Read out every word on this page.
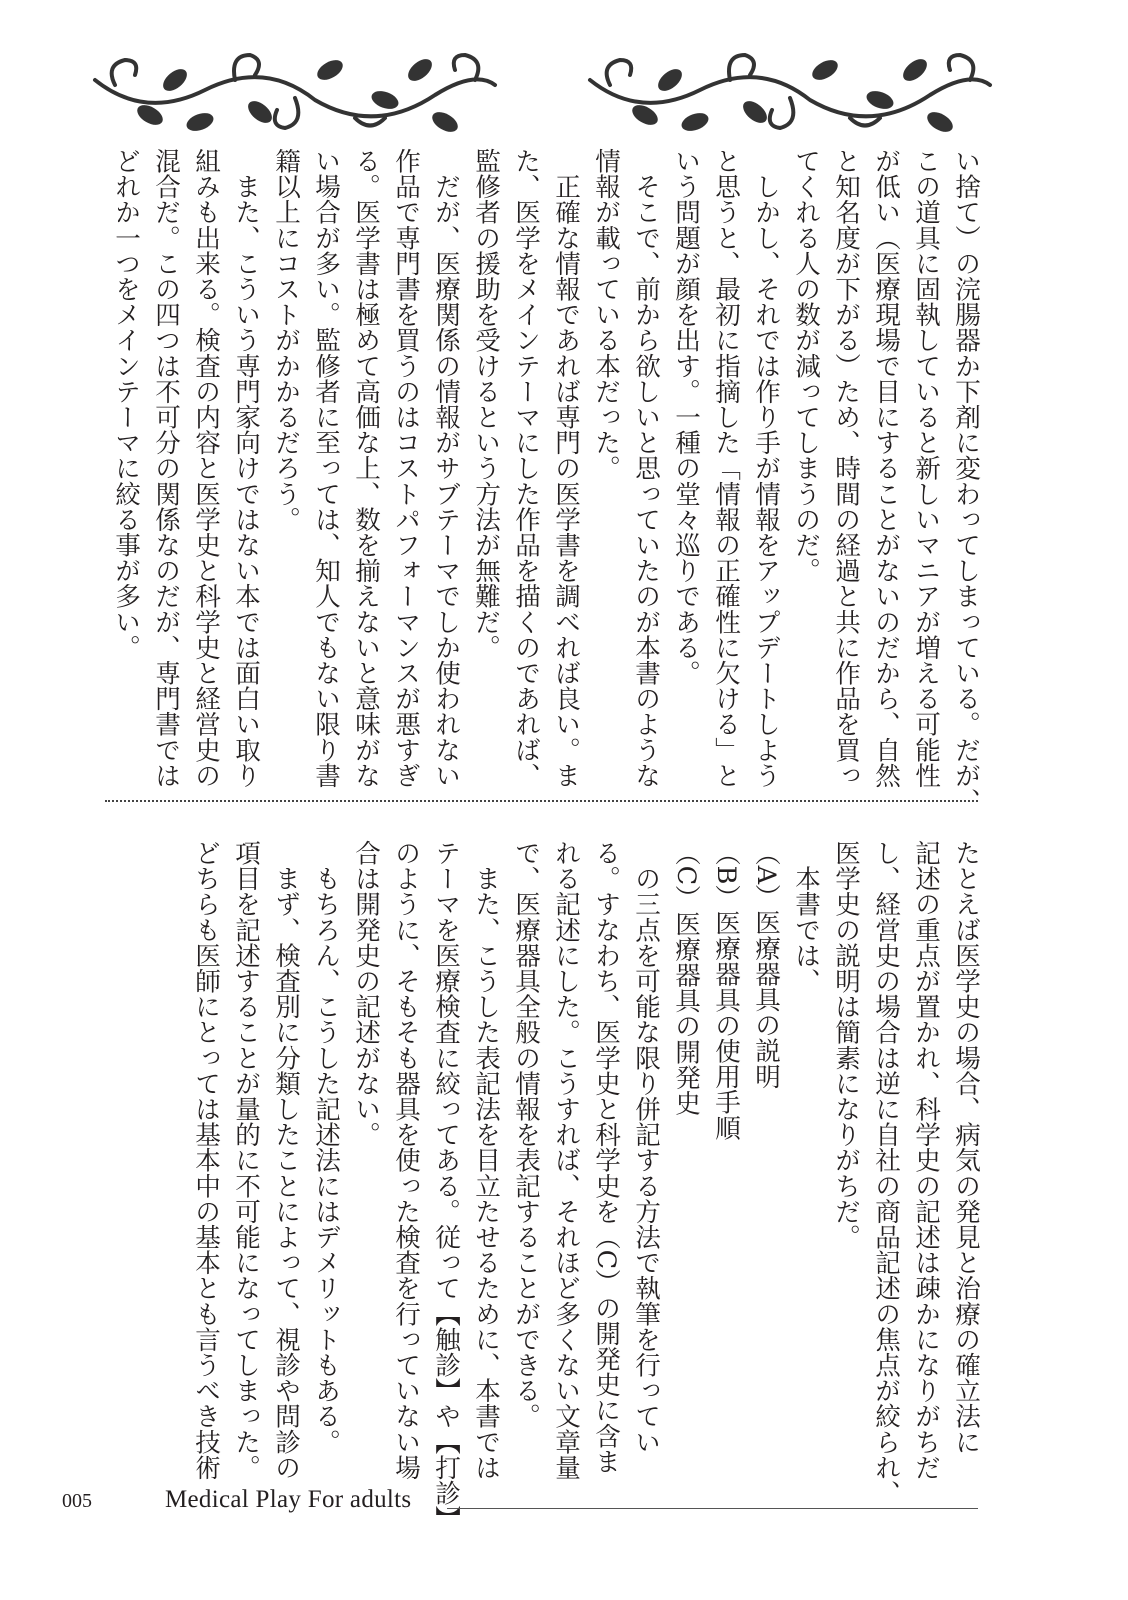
い捨て）の浣腸器か下剤に変わってしまっている。だが、

この道具に固執していると新しいマニアが増える可能性

が低い（医療現場で目にすることがないのだから、自然

と知名度が下がる）ため、時間の経過と共に作品を買っ

てくれる人の数が減ってしまうのだ。

　しかし、それでは作り手が情報をアップデートしよう

と思うと、最初に指摘した「情報の正確性に欠ける」と

いう問題が顔を出す。一種の堂々巡りである。

　そこで、前から欲しいと思っていたのが本書のような

情報が載っている本だった。

　正確な情報であれば専門の医学書を調べれば良い。ま

た、医学をメインテーマにした作品を描くのであれば、

監修者の援助を受けるという方法が無難だ。

　だが、医療関係の情報がサブテーマでしか使われない

作品で専門書を買うのはコストパフォーマンスが悪すぎ

る。医学書は極めて高価な上、数を揃えないと意味がな

い場合が多い。監修者に至っては、知人でもない限り書

籍以上にコストがかかるだろう。

　また、こういう専門家向けではない本では面白い取り

組みも出来る。検査の内容と医学史と科学史と経営史の

混合だ。この四つは不可分の関係なのだが、専門書では

どれか一つをメインテーマに絞る事が多い。

たとえば医学史の場合、病気の発見と治療の確立法に

記述の重点が置かれ、科学史の記述は疎かになりがちだ

し、経営史の場合は逆に自社の商品記述の焦点が絞られ、

医学史の説明は簡素になりがちだ。

　本書では、

（A）医療器具の説明

（B）医療器具の使用手順

（C）医療器具の開発史

　の三点を可能な限り併記する方法で執筆を行ってい

る。すなわち、医学史と科学史を（C）の開発史に含ま

れる記述にした。こうすれば、それほど多くない文章量

で、医療器具全般の情報を表記することができる。

　また、こうした表記法を目立たせるために、本書では

テーマを医療検査に絞ってある。従って【触診】や【打診】

のように、そもそも器具を使った検査を行っていない場

合は開発史の記述がない。

　もちろん、こうした記述法にはデメリットもある。

　まず、検査別に分類したことによって、視診や問診の

項目を記述することが量的に不可能になってしまった。

どちらも医師にとっては基本中の基本とも言うべき技術

005	Medical Play For adults
